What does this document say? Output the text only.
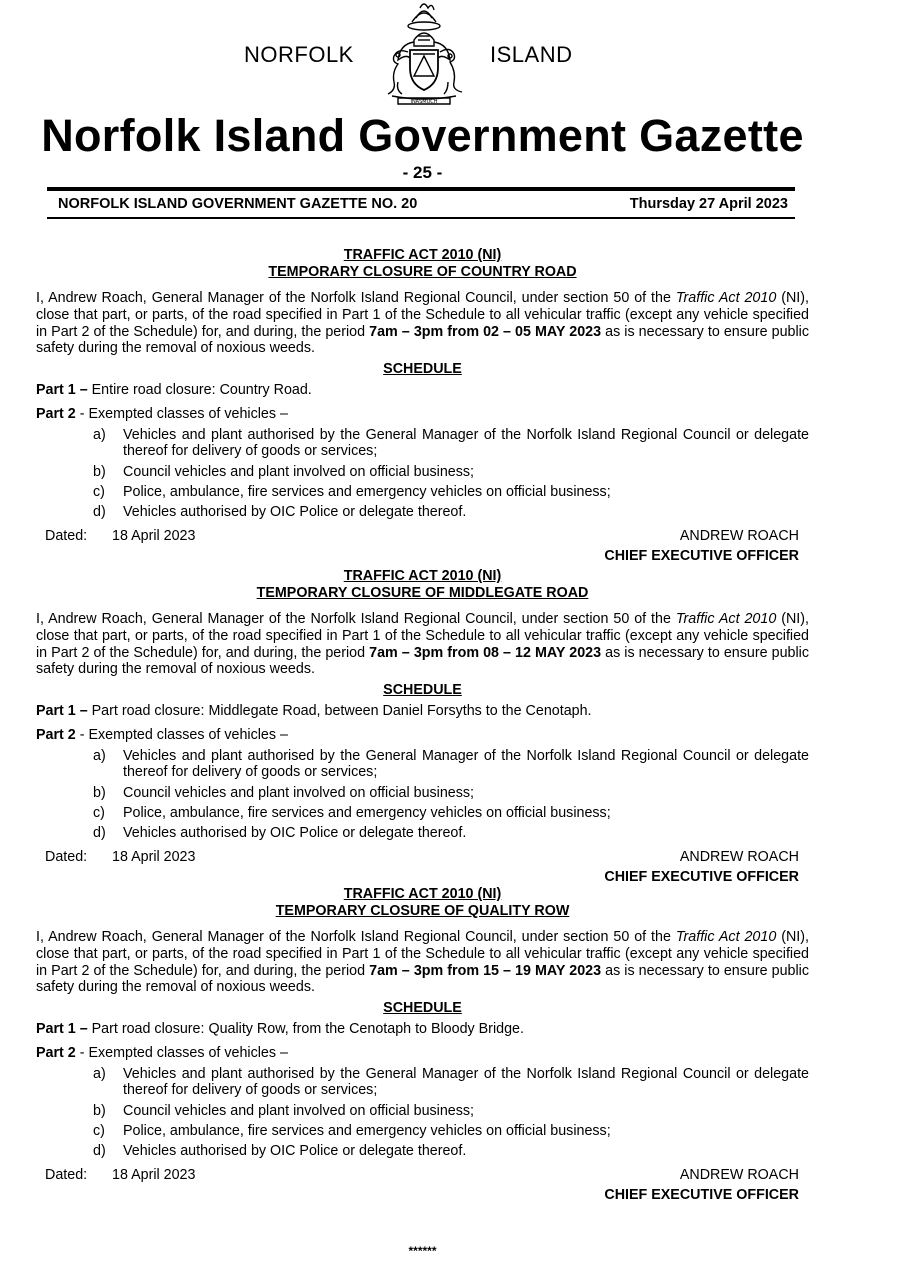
NORFOLK
INASMUCH
ISLAND
Norfolk Island Government Gazette
- 25 -
NORFOLK ISLAND GOVERNMENT GAZETTE NO. 20	Thursday 27 April 2023
TRAFFIC ACT 2010 (NI)
TEMPORARY CLOSURE OF COUNTRY ROAD
I, Andrew Roach, General Manager of the Norfolk Island Regional Council, under section 50 of the Traffic Act 2010 (NI), close that part, or parts, of the road specified in Part 1 of the Schedule to all vehicular traffic (except any vehicle specified in Part 2 of the Schedule) for, and during, the period 7am – 3pm from 02 – 05 MAY 2023 as is necessary to ensure public safety during the removal of noxious weeds.
SCHEDULE
Part 1 – Entire road closure: Country Road.
Part 2 - Exempted classes of vehicles –
a) Vehicles and plant authorised by the General Manager of the Norfolk Island Regional Council or delegate thereof for delivery of goods or services;
b) Council vehicles and plant involved on official business;
c) Police, ambulance, fire services and emergency vehicles on official business;
d) Vehicles authorised by OIC Police or delegate thereof.
Dated: 18 April 2023	ANDREW ROACH
CHIEF EXECUTIVE OFFICER
TRAFFIC ACT 2010 (NI)
TEMPORARY CLOSURE OF MIDDLEGATE ROAD
I, Andrew Roach, General Manager of the Norfolk Island Regional Council, under section 50 of the Traffic Act 2010 (NI), close that part, or parts, of the road specified in Part 1 of the Schedule to all vehicular traffic (except any vehicle specified in Part 2 of the Schedule) for, and during, the period 7am – 3pm from 08 – 12 MAY 2023 as is necessary to ensure public safety during the removal of noxious weeds.
SCHEDULE
Part 1 – Part road closure: Middlegate Road, between Daniel Forsyths to the Cenotaph.
Part 2 - Exempted classes of vehicles –
a) Vehicles and plant authorised by the General Manager of the Norfolk Island Regional Council or delegate thereof for delivery of goods or services;
b) Council vehicles and plant involved on official business;
c) Police, ambulance, fire services and emergency vehicles on official business;
d) Vehicles authorised by OIC Police or delegate thereof.
Dated: 18 April 2023	ANDREW ROACH
CHIEF EXECUTIVE OFFICER
TRAFFIC ACT 2010 (NI)
TEMPORARY CLOSURE OF QUALITY ROW
I, Andrew Roach, General Manager of the Norfolk Island Regional Council, under section 50 of the Traffic Act 2010 (NI), close that part, or parts, of the road specified in Part 1 of the Schedule to all vehicular traffic (except any vehicle specified in Part 2 of the Schedule) for, and during, the period 7am – 3pm from 15 – 19 MAY 2023 as is necessary to ensure public safety during the removal of noxious weeds.
SCHEDULE
Part 1 – Part road closure: Quality Row, from the Cenotaph to Bloody Bridge.
Part 2 - Exempted classes of vehicles –
a) Vehicles and plant authorised by the General Manager of the Norfolk Island Regional Council or delegate thereof for delivery of goods or services;
b) Council vehicles and plant involved on official business;
c) Police, ambulance, fire services and emergency vehicles on official business;
d) Vehicles authorised by OIC Police or delegate thereof.
Dated: 18 April 2023	ANDREW ROACH
CHIEF EXECUTIVE OFFICER
******
